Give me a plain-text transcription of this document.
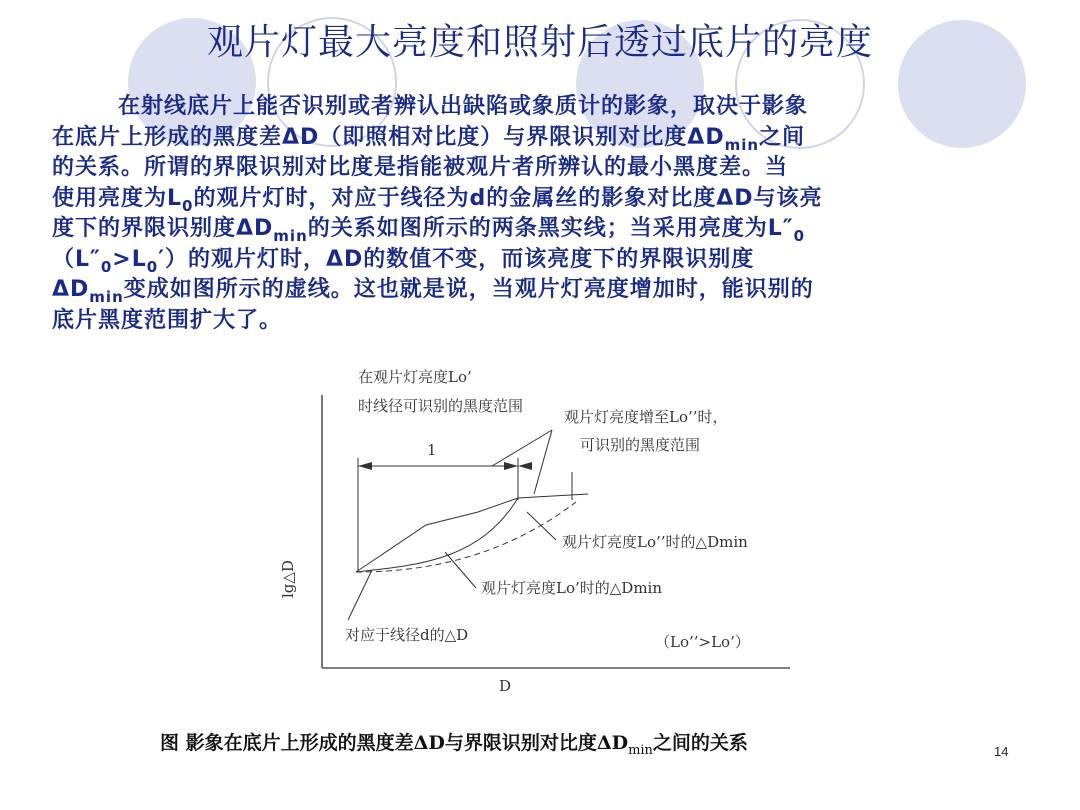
观片灯最大亮度和照射后透过底片的亮度
在射线底片上能否识别或者辨认出缺陷或象质计的影象，取决于影象
在底片上形成的黑度差ΔD（即照相对比度）与界限识别对比度$\Delta D_{min}$之间
的关系。所谓的界限识别对比度是指能被观片者所辨认的最小黑度差。当
使用亮度为$L_0$的观片灯时，对应于线径为d的金属丝的影象对比度ΔD与该亮
度下的界限识别度$\Delta D_{min}$的关系如图所示的两条黑实线；当采用亮度为$L''_0$
$(L''_0>L_0')$的观片灯时，ΔD的数值不变，而该亮度下的界限识别度
$\Delta D_{min}$变成如图所示的虚线。这也就是说，当观片灯亮度增加时，能识别的
底片黑度范围扩大了。
在观片灯亮度Lo’
时线径可识别的黑度范围
观片灯亮度增至Lo’’时，
可识别的黑度范围
1
观片灯亮度Lo’’时的△Dmin
观片灯亮度Lo’时的△Dmin
对应于线径d的△D	（Lo’’>Lo’）
lg△D
D
图 影象在底片上形成的黑度差ΔD与界限识别对比度$\Delta D_{min}$之间的关系	14
